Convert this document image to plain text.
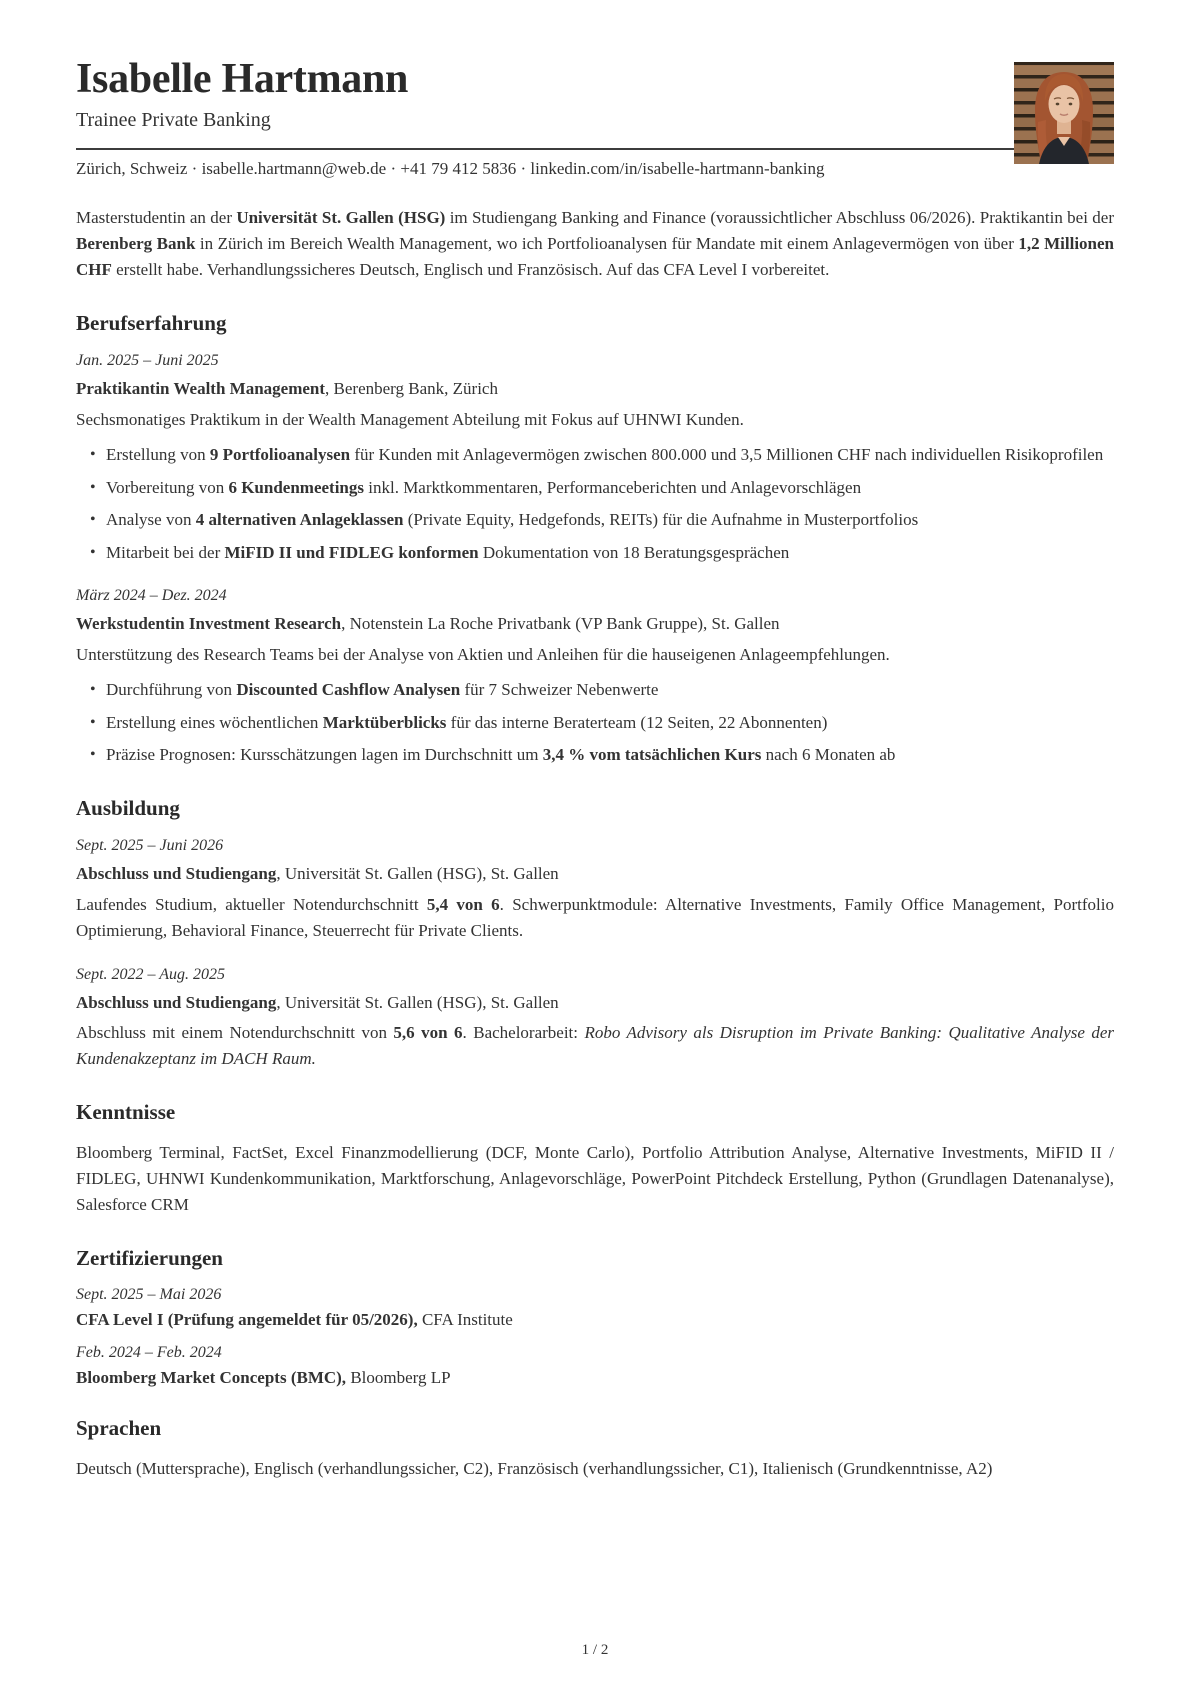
Isabelle Hartmann
Trainee Private Banking
Zürich, Schweiz · isabelle.hartmann@web.de · +41 79 412 5836 · linkedin.com/in/isabelle-hartmann-banking

Masterstudentin an der Universität St. Gallen (HSG) im Studiengang Banking and Finance (voraussichtlicher Abschluss 06/2026). Praktikantin bei der Berenberg Bank in Zürich im Bereich Wealth Management, wo ich Portfolioanalysen für Mandate mit einem Anlagevermögen von über 1,2 Millionen CHF erstellt habe. Verhandlungssicheres Deutsch, Englisch und Französisch. Auf das CFA Level I vorbereitet.

Berufserfahrung
Jan. 2025 – Juni 2025
Praktikantin Wealth Management, Berenberg Bank, Zürich
Sechsmonatiges Praktikum in der Wealth Management Abteilung mit Fokus auf UHNWI Kunden.
• Erstellung von 9 Portfolioanalysen für Kunden mit Anlagevermögen zwischen 800.000 und 3,5 Millionen CHF nach individuellen Risikoprofilen
• Vorbereitung von 6 Kundenmeetings inkl. Marktkommentaren, Performanceberichten und Anlagevorschlägen
• Analyse von 4 alternativen Anlageklassen (Private Equity, Hedgefonds, REITs) für die Aufnahme in Musterportfolios
• Mitarbeit bei der MiFID II und FIDLEG konformen Dokumentation von 18 Beratungsgesprächen
März 2024 – Dez. 2024
Werkstudentin Investment Research, Notenstein La Roche Privatbank (VP Bank Gruppe), St. Gallen
Unterstützung des Research Teams bei der Analyse von Aktien und Anleihen für die hauseigenen Anlageempfehlungen.
• Durchführung von Discounted Cashflow Analysen für 7 Schweizer Nebenwerte
• Erstellung eines wöchentlichen Marktüberblicks für das interne Beraterteam (12 Seiten, 22 Abonnenten)
• Präzise Prognosen: Kursschätzungen lagen im Durchschnitt um 3,4 % vom tatsächlichen Kurs nach 6 Monaten ab
Ausbildung
Sept. 2025 – Juni 2026
Abschluss und Studiengang, Universität St. Gallen (HSG), St. Gallen
Laufendes Studium, aktueller Notendurchschnitt 5,4 von 6. Schwerpunktmodule: Alternative Investments, Family Office Management, Portfolio Optimierung, Behavioral Finance, Steuerrecht für Private Clients.
Sept. 2022 – Aug. 2025
Abschluss und Studiengang, Universität St. Gallen (HSG), St. Gallen
Abschluss mit einem Notendurchschnitt von 5,6 von 6. Bachelorarbeit: Robo Advisory als Disruption im Private Banking: Qualitative Analyse der Kundenakzeptanz im DACH Raum.
Kenntnisse

Bloomberg Terminal, FactSet, Excel Finanzmodellierung (DCF, Monte Carlo), Portfolio Attribution Analyse, Alternative Investments, MiFID II / FIDLEG, UHNWI Kundenkommunikation, Marktforschung, Anlagevorschläge, PowerPoint Pitchdeck Erstellung, Python (Grundlagen Datenanalyse), Salesforce CRM

Zertifizierungen
Sept. 2025 – Mai 2026
CFA Level I (Prüfung angemeldet für 05/2026), CFA Institute
Feb. 2024 – Feb. 2024
Bloomberg Market Concepts (BMC), Bloomberg LP
Sprachen

Deutsch (Muttersprache), Englisch (verhandlungssicher, C2), Französisch (verhandlungssicher, C1), Italienisch (Grundkenntnisse, A2)

1 / 2
